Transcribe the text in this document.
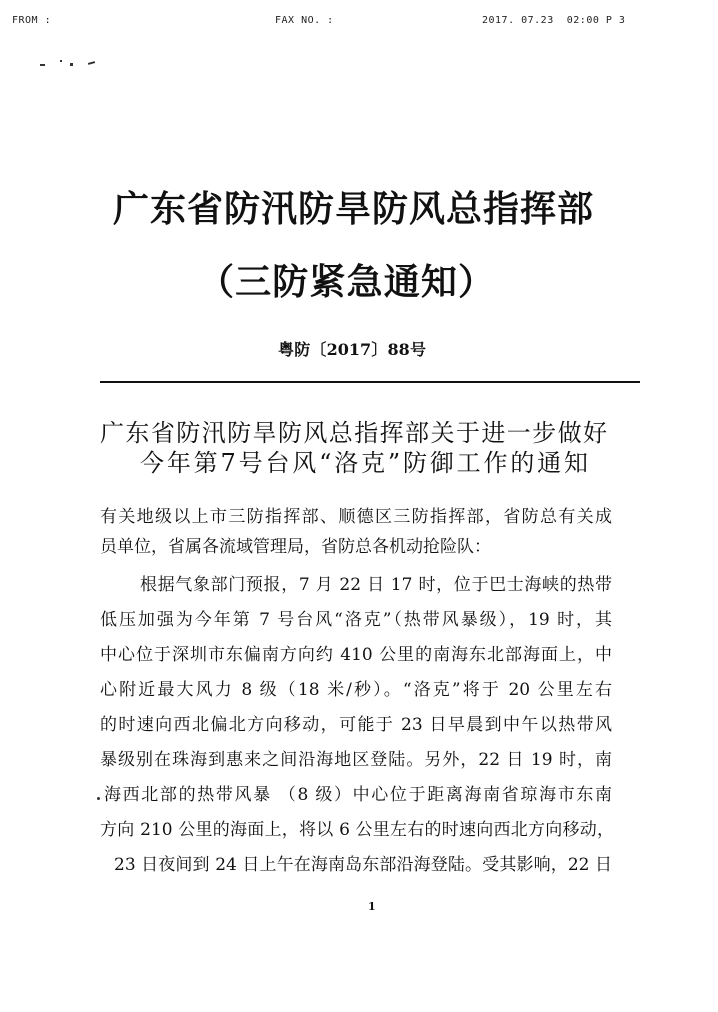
FROM :	FAX NO. :	2017. 07.23  02:00 P 3
广东省防汛防旱防风总指挥部
（三防紧急通知）
粤防〔2017〕88号
广东省防汛防旱防风总指挥部关于进一步做好
今年第7号台风“洛克”防御工作的通知
有关地级以上市三防指挥部、顺德区三防指挥部，省防总有关成
员单位，省属各流域管理局，省防总各机动抢险队：
根据气象部门预报，7 月 22 日 17 时，位于巴士海峡的热带
低压加强为今年第 7 号台风“洛克”（热带风暴级），19 时，其
中心位于深圳市东偏南方向约 410 公里的南海东北部海面上，中
心附近最大风力 8 级（18 米/秒）。“洛克”将于 20 公里左右
的时速向西北偏北方向移动，可能于 23 日早晨到中午以热带风
暴级别在珠海到惠来之间沿海地区登陆。另外，22 日 19 时，南
海西北部的热带风暴 （8 级）中心位于距离海南省琼海市东南
方向 210 公里的海面上，将以 6 公里左右的时速向西北方向移动，
23 日夜间到 24 日上午在海南岛东部沿海登陆。受其影响，22 日
1
